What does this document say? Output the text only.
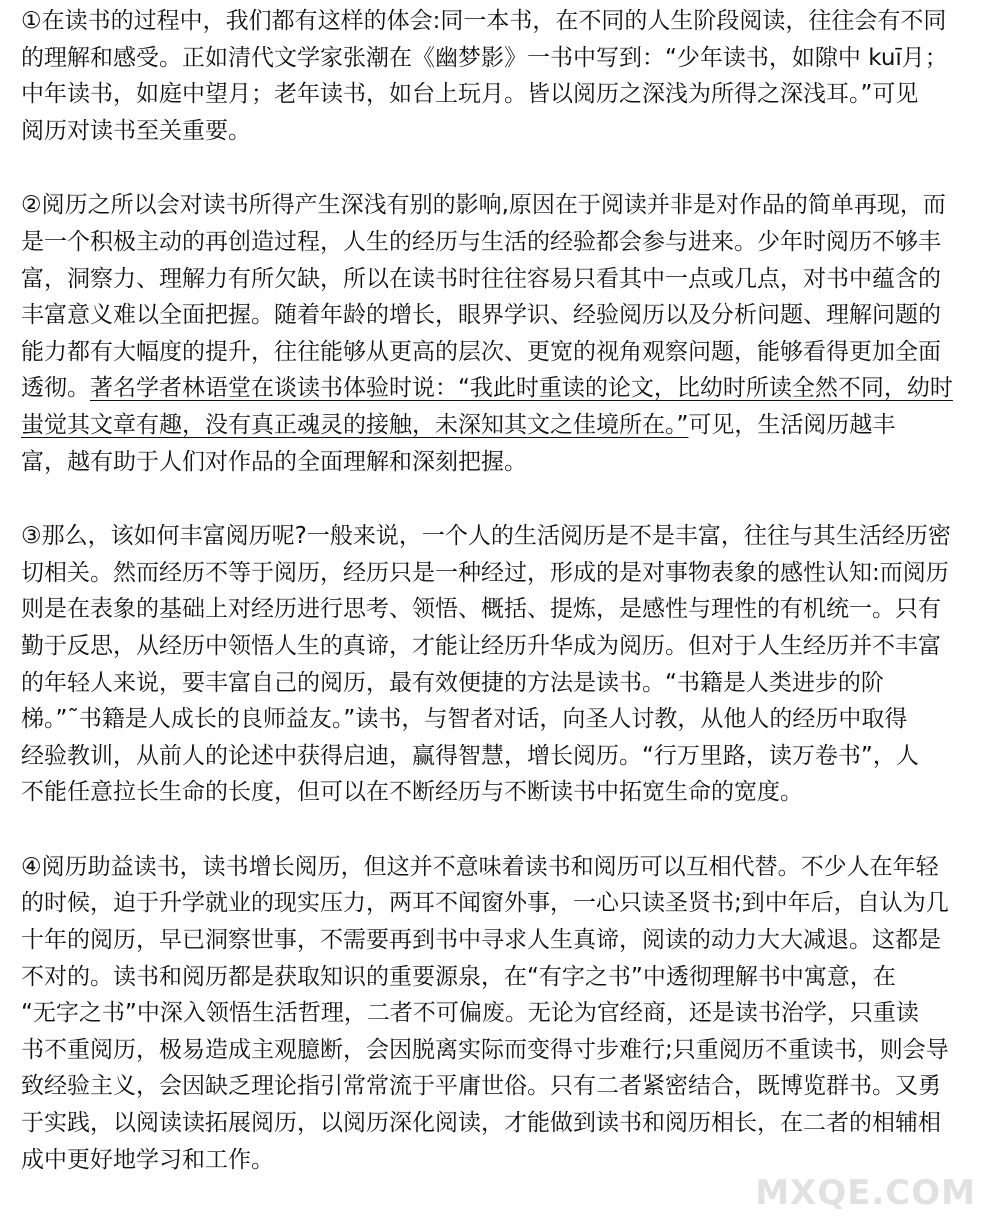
①在读书的过程中，我们都有这样的体会:同一本书，在不同的人生阶段阅读，往往会有不同
的理解和感受。正如清代文学家张潮在《幽梦影》一书中写到：“少年读书，如隙中 kuī月；
中年读书，如庭中望月；老年读书，如台上玩月。皆以阅历之深浅为所得之深浅耳。”可见
阅历对读书至关重要。
②阅历之所以会对读书所得产生深浅有别的影响,原因在于阅读并非是对作品的简单再现，而
是一个积极主动的再创造过程，人生的经历与生活的经验都会参与进来。少年时阅历不够丰
富，洞察力、理解力有所欠缺，所以在读书时往往容易只看其中一点或几点，对书中蕴含的
丰富意义难以全面把握。随着年龄的增长，眼界学识、经验阅历以及分析问题、理解问题的
能力都有大幅度的提升，往往能够从更高的层次、更宽的视角观察问题，能够看得更加全面
透彻。著名学者林语堂在谈读书体验时说：“我此时重读的论文，比幼时所读全然不同，幼时
蚩觉其文章有趣，没有真正魂灵的接触，未深知其文之佳境所在。”可见，生活阅历越丰
富，越有助于人们对作品的全面理解和深刻把握。
③那么，该如何丰富阅历呢?一般来说，一个人的生活阅历是不是丰富，往往与其生活经历密
切相关。然而经历不等于阅历，经历只是一种经过，形成的是对事物表象的感性认知:而阅历
则是在表象的基础上对经历进行思考、领悟、概括、提炼，是感性与理性的有机统一。只有
勤于反思，从经历中领悟人生的真谛，才能让经历升华成为阅历。但对于人生经历并不丰富
的年轻人来说，要丰富自己的阅历，最有效便捷的方法是读书。“书籍是人类进步的阶
梯。”˜书籍是人成长的良师益友。”读书，与智者对话，向圣人讨教，从他人的经历中取得
经验教训，从前人的论述中获得启迪，赢得智慧，增长阅历。“行万里路，读万卷书”，人
不能任意拉长生命的长度，但可以在不断经历与不断读书中拓宽生命的宽度。
④阅历助益读书，读书增长阅历，但这并不意味着读书和阅历可以互相代替。不少人在年轻
的时候，迫于升学就业的现实压力，两耳不闻窗外事，一心只读圣贤书;到中年后，自认为几
十年的阅历，早已洞察世事，不需要再到书中寻求人生真谛，阅读的动力大大减退。这都是
不对的。读书和阅历都是获取知识的重要源泉，在“有字之书”中透彻理解书中寓意，在
“无字之书”中深入领悟生活哲理，二者不可偏废。无论为官经商，还是读书治学，只重读
书不重阅历，极易造成主观臆断，会因脱离实际而变得寸步难行;只重阅历不重读书，则会导
致经验主义，会因缺乏理论指引常常流于平庸世俗。只有二者紧密结合，既博览群书。又勇
于实践，以阅读读拓展阅历，以阅历深化阅读，才能做到读书和阅历相长，在二者的相辅相
成中更好地学习和工作。
MXQE.COM
